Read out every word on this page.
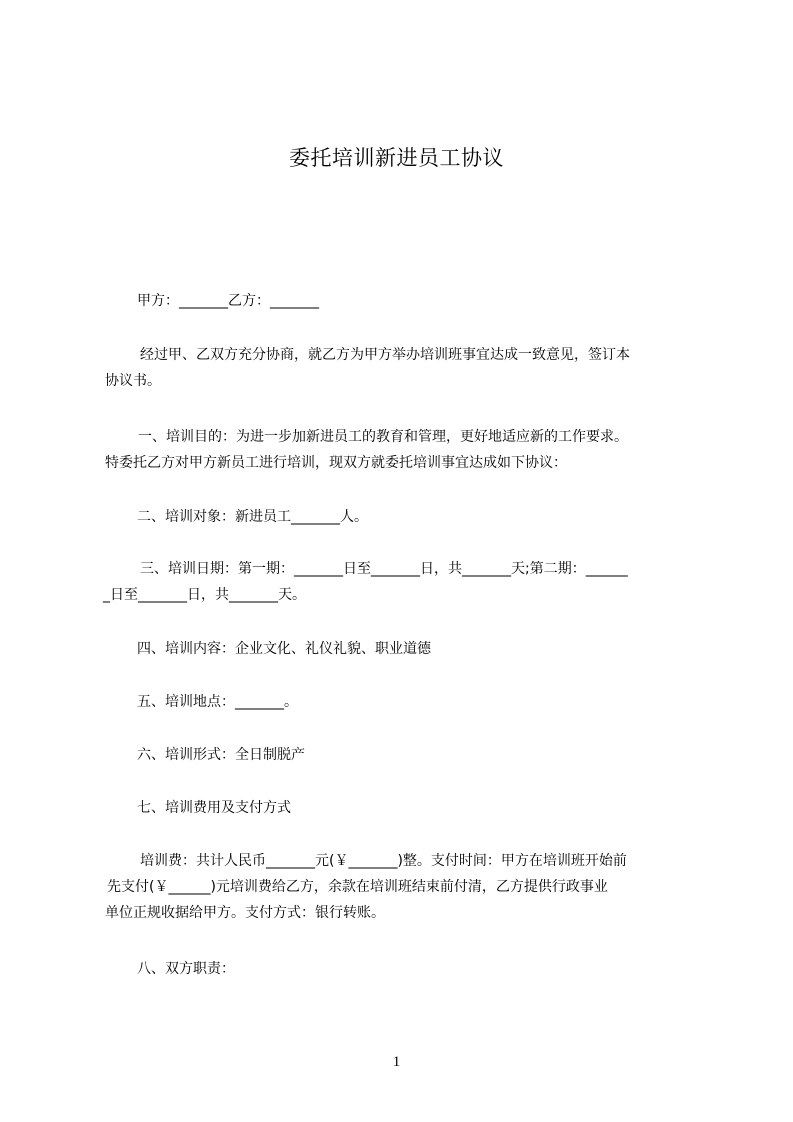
委托培训新进员工协议
甲方：_______乙方：_______
经过甲、乙双方充分协商，就乙方为甲方举办培训班事宜达成一致意见，签订本
协议书。
一、培训目的：为进一步加新进员工的教育和管理，更好地适应新的工作要求。
特委托乙方对甲方新员工进行培训，现双方就委托培训事宜达成如下协议：
二、培训对象：新进员工_______人。
三、培训日期：第一期：_______日至_______日，共_______天;第二期：______
_日至_______日，共_______天。
四、培训内容：企业文化、礼仪礼貌、职业道德
五、培训地点：_______。
六、培训形式：全日制脱产
七、培训费用及支付方式
培训费：共计人民币_______元(￥_______)整。支付时间：甲方在培训班开始前
先支付(￥______)元培训费给乙方，余款在培训班结束前付清，乙方提供行政事业
单位正规收据给甲方。支付方式：银行转账。
八、双方职责：
1
